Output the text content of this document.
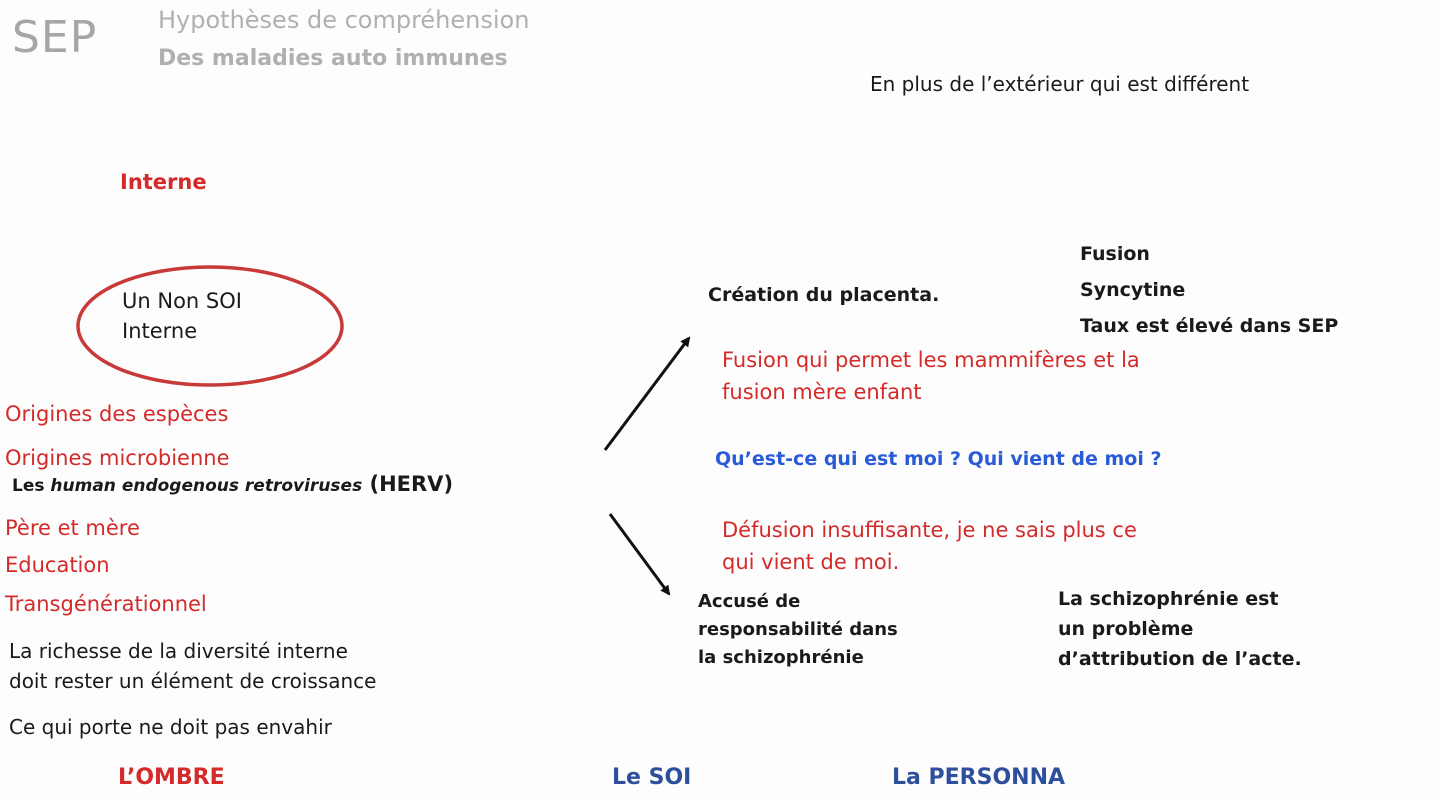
SEP	Hypothèses de compréhension
Des maladies auto immunes
En plus de l’extérieur qui est différent
Interne
Un Non SOI
Interne
Origines des espèces
Origines microbienne
Les human endogenous retroviruses (HERV)
Père et mère
Education
Transgénérationnel
La richesse de la diversité interne
doit rester un élément de croissance
Ce qui porte ne doit pas envahir
Création du placenta.
Fusion
Syncytine
Taux est élevé dans SEP
Fusion qui permet les mammifères et la
fusion mère enfant
Qu’est-ce qui est moi ? Qui vient de moi ?
Défusion insuffisante, je ne sais plus ce
qui vient de moi.
Accusé de
responsabilité dans
la schizophrénie
La schizophrénie est
un problème
d’attribution de l’acte.
L’OMBRE	Le SOI	La PERSONNA
